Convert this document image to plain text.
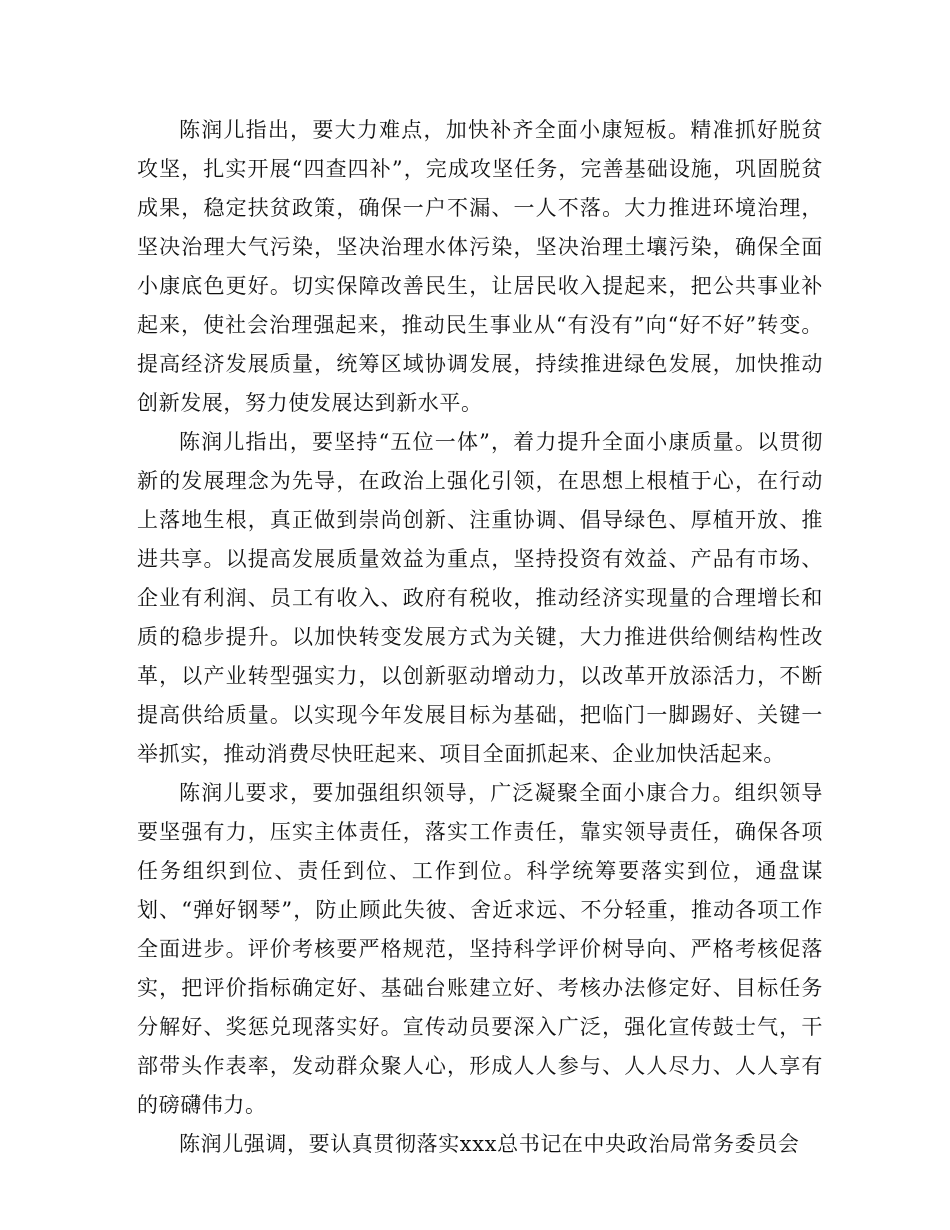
陈润儿指出，要大力难点，加快补齐全面小康短板。精准抓好脱贫攻坚，扎实开展“四查四补”，完成攻坚任务，完善基础设施，巩固脱贫成果，稳定扶贫政策，确保一户不漏、一人不落。大力推进环境治理，坚决治理大气污染，坚决治理水体污染，坚决治理土壤污染，确保全面小康底色更好。切实保障改善民生，让居民收入提起来，把公共事业补起来，使社会治理强起来，推动民生事业从“有没有”向“好不好”转变。提高经济发展质量，统筹区域协调发展，持续推进绿色发展，加快推动创新发展，努力使发展达到新水平。

陈润儿指出，要坚持“五位一体”，着力提升全面小康质量。以贯彻新的发展理念为先导，在政治上强化引领，在思想上根植于心，在行动上落地生根，真正做到崇尚创新、注重协调、倡导绿色、厚植开放、推进共享。以提高发展质量效益为重点，坚持投资有效益、产品有市场、企业有利润、员工有收入、政府有税收，推动经济实现量的合理增长和质的稳步提升。以加快转变发展方式为关键，大力推进供给侧结构性改革，以产业转型强实力，以创新驱动增动力，以改革开放添活力，不断提高供给质量。以实现今年发展目标为基础，把临门一脚踢好、关键一举抓实，推动消费尽快旺起来、项目全面抓起来、企业加快活起来。

陈润儿要求，要加强组织领导，广泛凝聚全面小康合力。组织领导要坚强有力，压实主体责任，落实工作责任，靠实领导责任，确保各项任务组织到位、责任到位、工作到位。科学统筹要落实到位，通盘谋划、“弹好钢琴”，防止顾此失彼、舍近求远、不分轻重，推动各项工作全面进步。评价考核要严格规范，坚持科学评价树导向、严格考核促落实，把评价指标确定好、基础台账建立好、考核办法修定好、目标任务分解好、奖惩兑现落实好。宣传动员要深入广泛，强化宣传鼓士气，干部带头作表率，发动群众聚人心，形成人人参与、人人尽力、人人享有的磅礴伟力。

陈润儿强调，要认真贯彻落实xxx总书记在中央政治局常务委员会
